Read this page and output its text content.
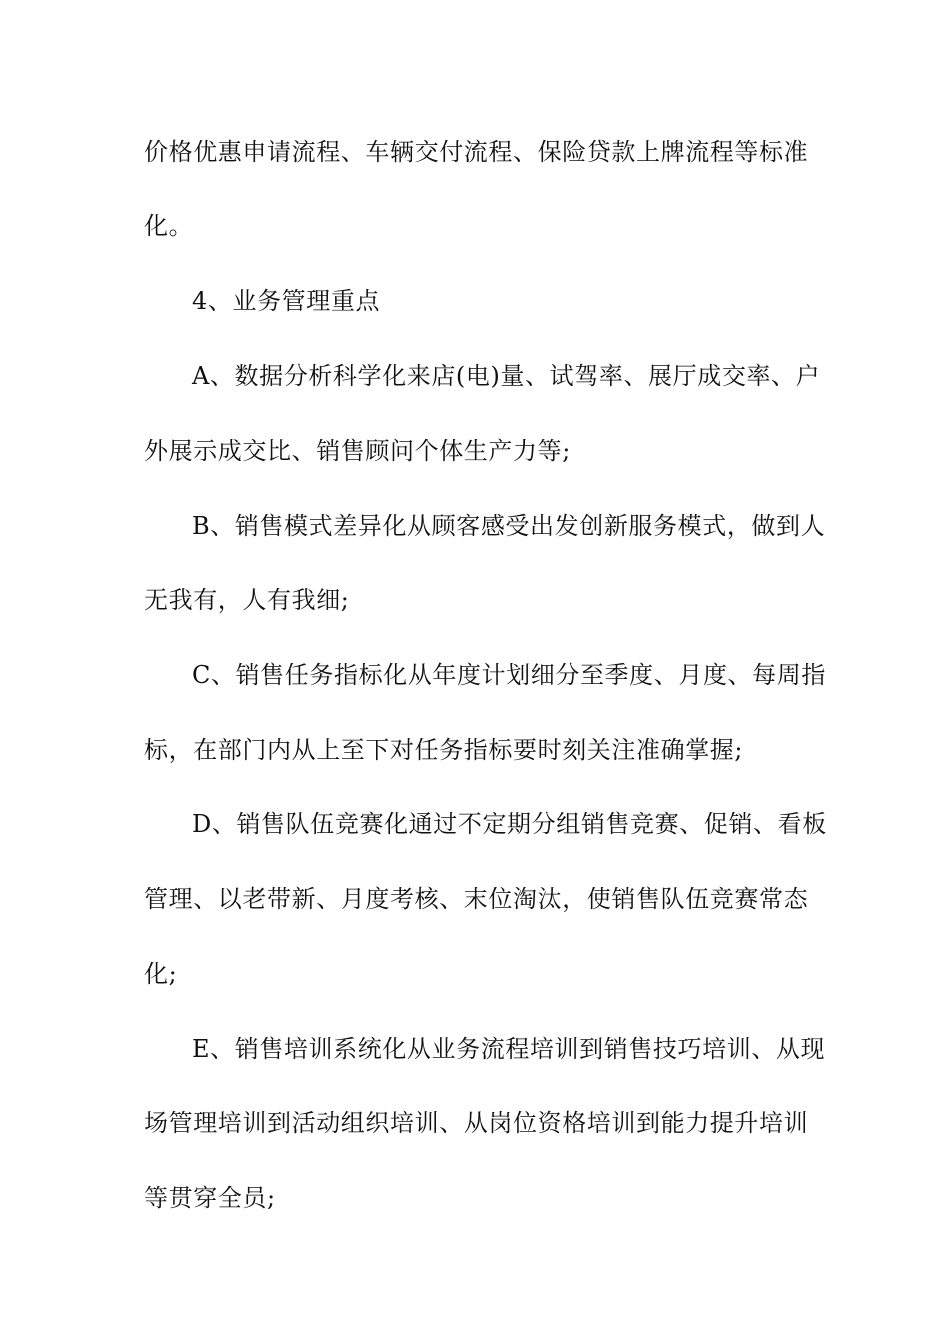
价格优惠申请流程、车辆交付流程、保险贷款上牌流程等标准
化。
4、业务管理重点
A、数据分析科学化来店(电)量、试驾率、展厅成交率、户
外展示成交比、销售顾问个体生产力等;
B、销售模式差异化从顾客感受出发创新服务模式，做到人
无我有，人有我细;
C、销售任务指标化从年度计划细分至季度、月度、每周指
标，在部门内从上至下对任务指标要时刻关注准确掌握;
D、销售队伍竞赛化通过不定期分组销售竞赛、促销、看板
管理、以老带新、月度考核、末位淘汰，使销售队伍竞赛常态
化;
E、销售培训系统化从业务流程培训到销售技巧培训、从现
场管理培训到活动组织培训、从岗位资格培训到能力提升培训
等贯穿全员;
